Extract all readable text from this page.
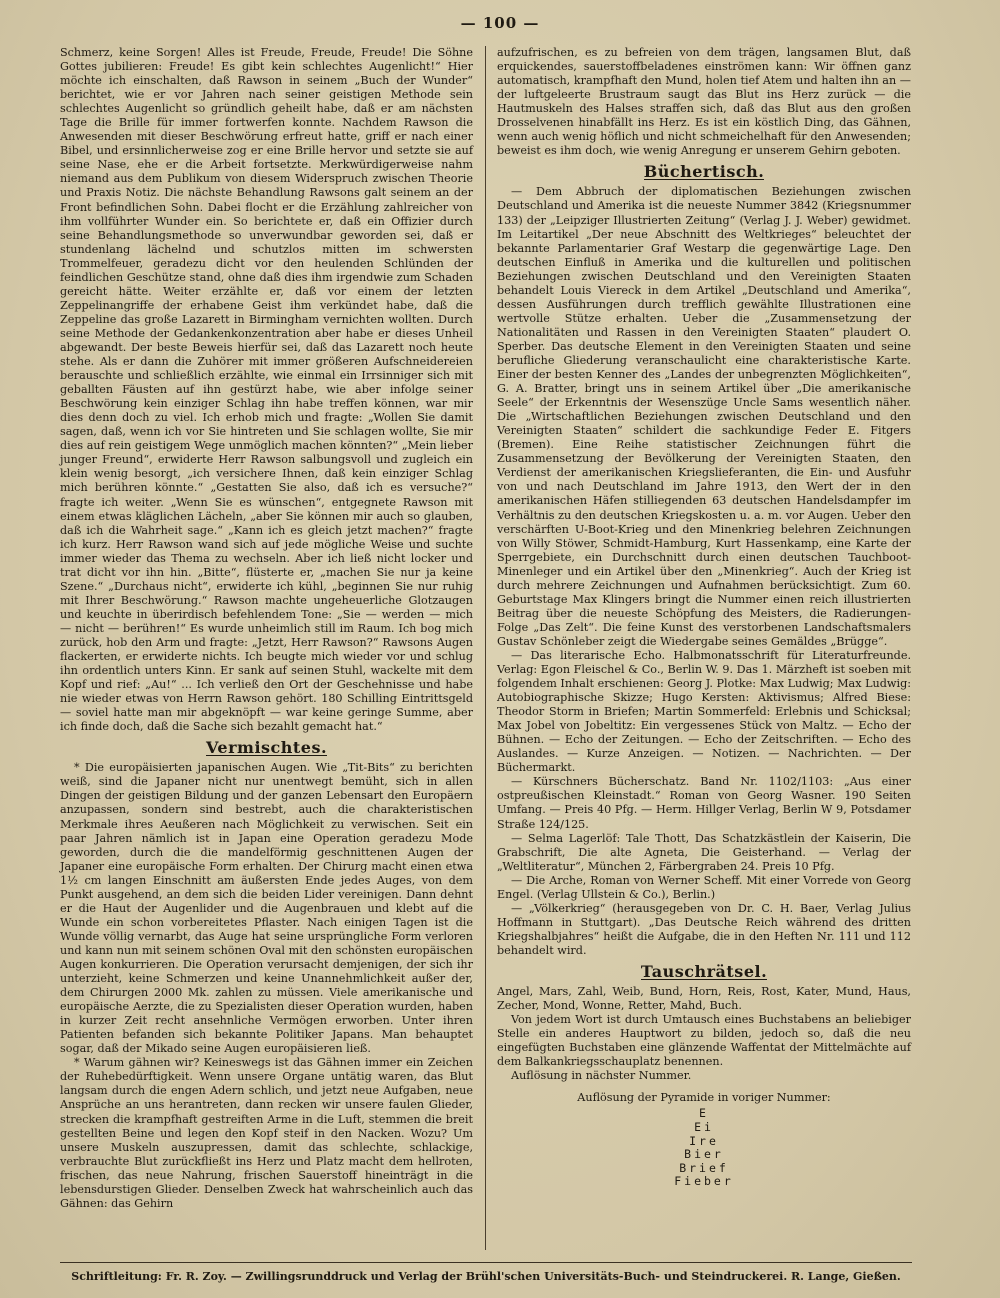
— 100 —

Schmerz, keine Sorgen! Alles ist Freude, Freude, Freude! Die Söhne Gottes jubilieren: Freude! Es gibt kein schlechtes Augenlicht!“ Hier möchte ich einschalten, daß Rawson in seinem „Buch der Wunder“ berichtet, wie er vor Jahren nach seiner geistigen Methode sein schlechtes Augenlicht so gründlich geheilt habe, daß er am nächsten Tage die Brille für immer fortwerfen konnte. Nachdem Rawson die Anwesenden mit dieser Beschwörung erfreut hatte, griff er nach einer Bibel, und ersinnlicherweise zog er eine Brille hervor und setzte sie auf seine Nase, ehe er die Arbeit fortsetzte. Merkwürdigerweise nahm niemand aus dem Publikum von diesem Widerspruch zwischen Theorie und Praxis Notiz. Die nächste Behandlung Rawsons galt seinem an der Front befindlichen Sohn. Dabei flocht er die Erzählung zahlreicher von ihm vollführter Wunder ein. So berichtete er, daß ein Offizier durch seine Behandlungsmethode so unverwundbar geworden sei, daß er stundenlang lächelnd und schutzlos mitten im schwersten Trommelfeuer, geradezu dicht vor den heulenden Schlünden der feindlichen Geschütze stand, ohne daß dies ihm irgendwie zum Schaden gereicht hätte. Weiter erzählte er, daß vor einem der letzten Zeppelinangriffe der erhabene Geist ihm verkündet habe, daß die Zeppeline das große Lazarett in Birmingham vernichten wollten. Durch seine Methode der Gedankenkonzentration aber habe er dieses Unheil abgewandt. Der beste Beweis hierfür sei, daß das Lazarett noch heute stehe. Als er dann die Zuhörer mit immer größeren Aufschneidereien berauschte und schließlich erzählte, wie einmal ein Irrsinniger sich mit geballten Fäusten auf ihn gestürzt habe, wie aber infolge seiner Beschwörung kein einziger Schlag ihn habe treffen können, war mir dies denn doch zu viel. Ich erhob mich und fragte: „Wollen Sie damit sagen, daß, wenn ich vor Sie hintreten und Sie schlagen wollte, Sie mir dies auf rein geistigem Wege unmöglich machen könnten?“ „Mein lieber junger Freund“, erwiderte Herr Rawson salbungsvoll und zugleich ein klein wenig besorgt, „ich versichere Ihnen, daß kein einziger Schlag mich berühren könnte.“ „Gestatten Sie also, daß ich es versuche?“ fragte ich weiter. „Wenn Sie es wünschen“, entgegnete Rawson mit einem etwas kläglichen Lächeln, „aber Sie können mir auch so glauben, daß ich die Wahrheit sage.“ „Kann ich es gleich jetzt machen?“ fragte ich kurz. Herr Rawson wand sich auf jede mögliche Weise und suchte immer wieder das Thema zu wechseln. Aber ich ließ nicht locker und trat dicht vor ihn hin. „Bitte“, flüsterte er, „machen Sie nur ja keine Szene.“ „Durchaus nicht“, erwiderte ich kühl, „beginnen Sie nur ruhig mit Ihrer Beschwörung.“ Rawson machte ungeheuerliche Glotzaugen und keuchte in überirdisch befehlendem Tone: „Sie — werden — mich — nicht — berühren!“ Es wurde unheimlich still im Raum. Ich bog mich zurück, hob den Arm und fragte: „Jetzt, Herr Rawson?“ Rawsons Augen flackerten, er erwiderte nichts. Ich beugte mich wieder vor und schlug ihn ordentlich unters Kinn. Er sank auf seinen Stuhl, wackelte mit dem Kopf und rief: „Au!“ ... Ich verließ den Ort der Geschehnisse und habe nie wieder etwas von Herrn Rawson gehört. 180 Schilling Eintrittsgeld — soviel hatte man mir abgeknöpft — war keine geringe Summe, aber ich finde doch, daß die Sache sich bezahlt gemacht hat.“

Vermischtes.

* Die europäisierten japanischen Augen. Wie „Tit-Bits“ zu berichten weiß, sind die Japaner nicht nur unentwegt bemüht, sich in allen Dingen der geistigen Bildung und der ganzen Lebensart den Europäern anzupassen, sondern sind bestrebt, auch die charakteristischen Merkmale ihres Aeußeren nach Möglichkeit zu verwischen. Seit ein paar Jahren nämlich ist in Japan eine Operation geradezu Mode geworden, durch die die mandelförmig geschnittenen Augen der Japaner eine europäische Form erhalten. Der Chirurg macht einen etwa 1½ cm langen Einschnitt am äußersten Ende jedes Auges, von dem Punkt ausgehend, an dem sich die beiden Lider vereinigen. Dann dehnt er die Haut der Augenlider und die Augenbrauen und klebt auf die Wunde ein schon vorbereitetes Pflaster. Nach einigen Tagen ist die Wunde völlig vernarbt, das Auge hat seine ursprüngliche Form verloren und kann nun mit seinem schönen Oval mit den schönsten europäischen Augen konkurrieren. Die Operation verursacht demjenigen, der sich ihr unterzieht, keine Schmerzen und keine Unannehmlichkeit außer der, dem Chirurgen 2000 Mk. zahlen zu müssen. Viele amerikanische und europäische Aerzte, die zu Spezialisten dieser Operation wurden, haben in kurzer Zeit recht ansehnliche Vermögen erworben. Unter ihren Patienten befanden sich bekannte Politiker Japans. Man behauptet sogar, daß der Mikado seine Augen europäisieren ließ.

* Warum gähnen wir? Keineswegs ist das Gähnen immer ein Zeichen der Ruhebedürftigkeit. Wenn unsere Organe untätig waren, das Blut langsam durch die engen Adern schlich, und jetzt neue Aufgaben, neue Ansprüche an uns herantreten, dann recken wir unsere faulen Glieder, strecken die krampfhaft gestreiften Arme in die Luft, stemmen die breit gestellten Beine und legen den Kopf steif in den Nacken. Wozu? Um unsere Muskeln auszupressen, damit das schlechte, schlackige, verbrauchte Blut zurückfließt ins Herz und Platz macht dem hellroten, frischen, das neue Nahrung, frischen Sauerstoff hineinträgt in die lebensdurstigen Glieder. Denselben Zweck hat wahrscheinlich auch das Gähnen: das Gehirn

aufzufrischen, es zu befreien von dem trägen, langsamen Blut, daß erquickendes, sauerstoffbeladenes einströmen kann: Wir öffnen ganz automatisch, krampfhaft den Mund, holen tief Atem und halten ihn an — der luftgeleerte Brustraum saugt das Blut ins Herz zurück — die Hautmuskeln des Halses straffen sich, daß das Blut aus den großen Drosselvenen hinabfällt ins Herz. Es ist ein köstlich Ding, das Gähnen, wenn auch wenig höflich und nicht schmeichelhaft für den Anwesenden; beweist es ihm doch, wie wenig Anregung er unserem Gehirn geboten.

Büchertisch.

— Dem Abbruch der diplomatischen Beziehungen zwischen Deutschland und Amerika ist die neueste Nummer 3842 (Kriegsnummer 133) der „Leipziger Illustrierten Zeitung“ (Verlag J. J. Weber) gewidmet. Im Leitartikel „Der neue Abschnitt des Weltkrieges“ beleuchtet der bekannte Parlamentarier Graf Westarp die gegenwärtige Lage. Den deutschen Einfluß in Amerika und die kulturellen und politischen Beziehungen zwischen Deutschland und den Vereinigten Staaten behandelt Louis Viereck in dem Artikel „Deutschland und Amerika“, dessen Ausführungen durch trefflich gewählte Illustrationen eine wertvolle Stütze erhalten. Ueber die „Zusammensetzung der Nationalitäten und Rassen in den Vereinigten Staaten“ plaudert O. Sperber. Das deutsche Element in den Vereinigten Staaten und seine berufliche Gliederung veranschaulicht eine charakteristische Karte. Einer der besten Kenner des „Landes der unbegrenzten Möglichkeiten“, G. A. Bratter, bringt uns in seinem Artikel über „Die amerikanische Seele“ der Erkenntnis der Wesenszüge Uncle Sams wesentlich näher. Die „Wirtschaftlichen Beziehungen zwischen Deutschland und den Vereinigten Staaten“ schildert die sachkundige Feder E. Fitgers (Bremen). Eine Reihe statistischer Zeichnungen führt die Zusammensetzung der Bevölkerung der Vereinigten Staaten, den Verdienst der amerikanischen Kriegslieferanten, die Ein- und Ausfuhr von und nach Deutschland im Jahre 1913, den Wert der in den amerikanischen Häfen stilliegenden 63 deutschen Handelsdampfer im Verhältnis zu den deutschen Kriegskosten u. a. m. vor Augen. Ueber den verschärften U-Boot-Krieg und den Minenkrieg belehren Zeichnungen von Willy Stöwer, Schmidt-Hamburg, Kurt Hassenkamp, eine Karte der Sperrgebiete, ein Durchschnitt durch einen deutschen Tauchboot-Minenleger und ein Artikel über den „Minenkrieg“. Auch der Krieg ist durch mehrere Zeichnungen und Aufnahmen berücksichtigt. Zum 60. Geburtstage Max Klingers bringt die Nummer einen reich illustrierten Beitrag über die neueste Schöpfung des Meisters, die Radierungen-Folge „Das Zelt“. Die feine Kunst des verstorbenen Landschaftsmalers Gustav Schönleber zeigt die Wiedergabe seines Gemäldes „Brügge“.

— Das literarische Echo. Halbmonatsschrift für Literaturfreunde. Verlag: Egon Fleischel & Co., Berlin W. 9. Das 1. Märzheft ist soeben mit folgendem Inhalt erschienen: Georg J. Plotke: Max Ludwig; Max Ludwig: Autobiographische Skizze; Hugo Kersten: Aktivismus; Alfred Biese: Theodor Storm in Briefen; Martin Sommerfeld: Erlebnis und Schicksal; Max Jobel von Jobeltitz: Ein vergessenes Stück von Maltz. — Echo der Bühnen. — Echo der Zeitungen. — Echo der Zeitschriften. — Echo des Auslandes. — Kurze Anzeigen. — Notizen. — Nachrichten. — Der Büchermarkt.

— Kürschners Bücherschatz. Band Nr. 1102/1103: „Aus einer ostpreußischen Kleinstadt.“ Roman von Georg Wasner. 190 Seiten Umfang. — Preis 40 Pfg. — Herm. Hillger Verlag, Berlin W 9, Potsdamer Straße 124/125.

— Selma Lagerlöf: Tale Thott, Das Schatzkästlein der Kaiserin, Die Grabschrift, Die alte Agneta, Die Geisterhand. — Verlag der „Weltliteratur“, München 2, Färbergraben 24. Preis 10 Pfg.

— Die Arche, Roman von Werner Scheff. Mit einer Vorrede von Georg Engel. (Verlag Ullstein & Co.), Berlin.)

— „Völkerkrieg“ (herausgegeben von Dr. C. H. Baer, Verlag Julius Hoffmann in Stuttgart). „Das Deutsche Reich während des dritten Kriegshalbjahres“ heißt die Aufgabe, die in den Heften Nr. 111 und 112 behandelt wird.

Tauschrätsel.

Angel, Mars, Zahl, Weib, Bund, Horn, Reis, Rost, Kater, Mund, Haus, Zecher, Mond, Wonne, Retter, Mahd, Buch.

Von jedem Wort ist durch Umtausch eines Buchstabens an beliebiger Stelle ein anderes Hauptwort zu bilden, jedoch so, daß die neu eingefügten Buchstaben eine glänzende Waffentat der Mittelmächte auf dem Balkankriegsschauplatz benennen.

Auflösung in nächster Nummer.

Auflösung der Pyramide in voriger Nummer:

E
Ei
Ire
Bier
Brief
Fieber
Schriftleitung: Fr. R. Zoy. — Zwillingsrunddruck und Verlag der Brühl'schen Universitäts-Buch- und Steindruckerei. R. Lange, Gießen.
